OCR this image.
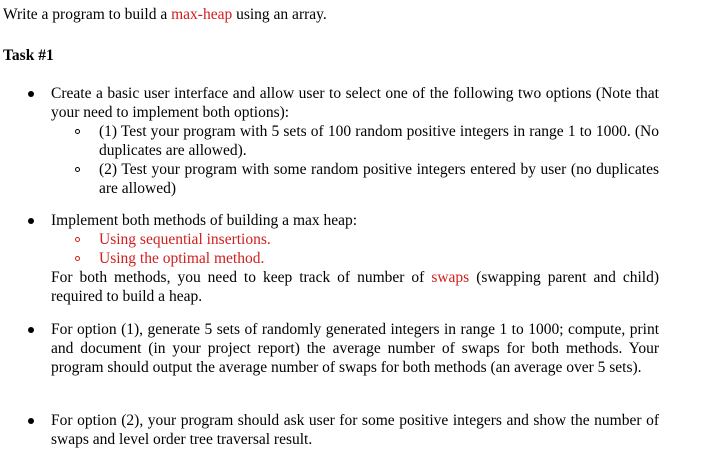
Write a program to build a max-heap using an array.
Task #1
Create a basic user interface and allow user to select one of the following two options (Note that your need to implement both options):
(1) Test your program with 5 sets of 100 random positive integers in range 1 to 1000. (No duplicates are allowed).
(2) Test your program with some random positive integers entered by user (no duplicates are allowed)
Implement both methods of building a max heap:
Using sequential insertions.
Using the optimal method.
For both methods, you need to keep track of number of swaps (swapping parent and child) required to build a heap.
For option (1), generate 5 sets of randomly generated integers in range 1 to 1000; compute, print and document (in your project report) the average number of swaps for both methods. Your program should output the average number of swaps for both methods (an average over 5 sets).
For option (2), your program should ask user for some positive integers and show the number of swaps and level order tree traversal result.
